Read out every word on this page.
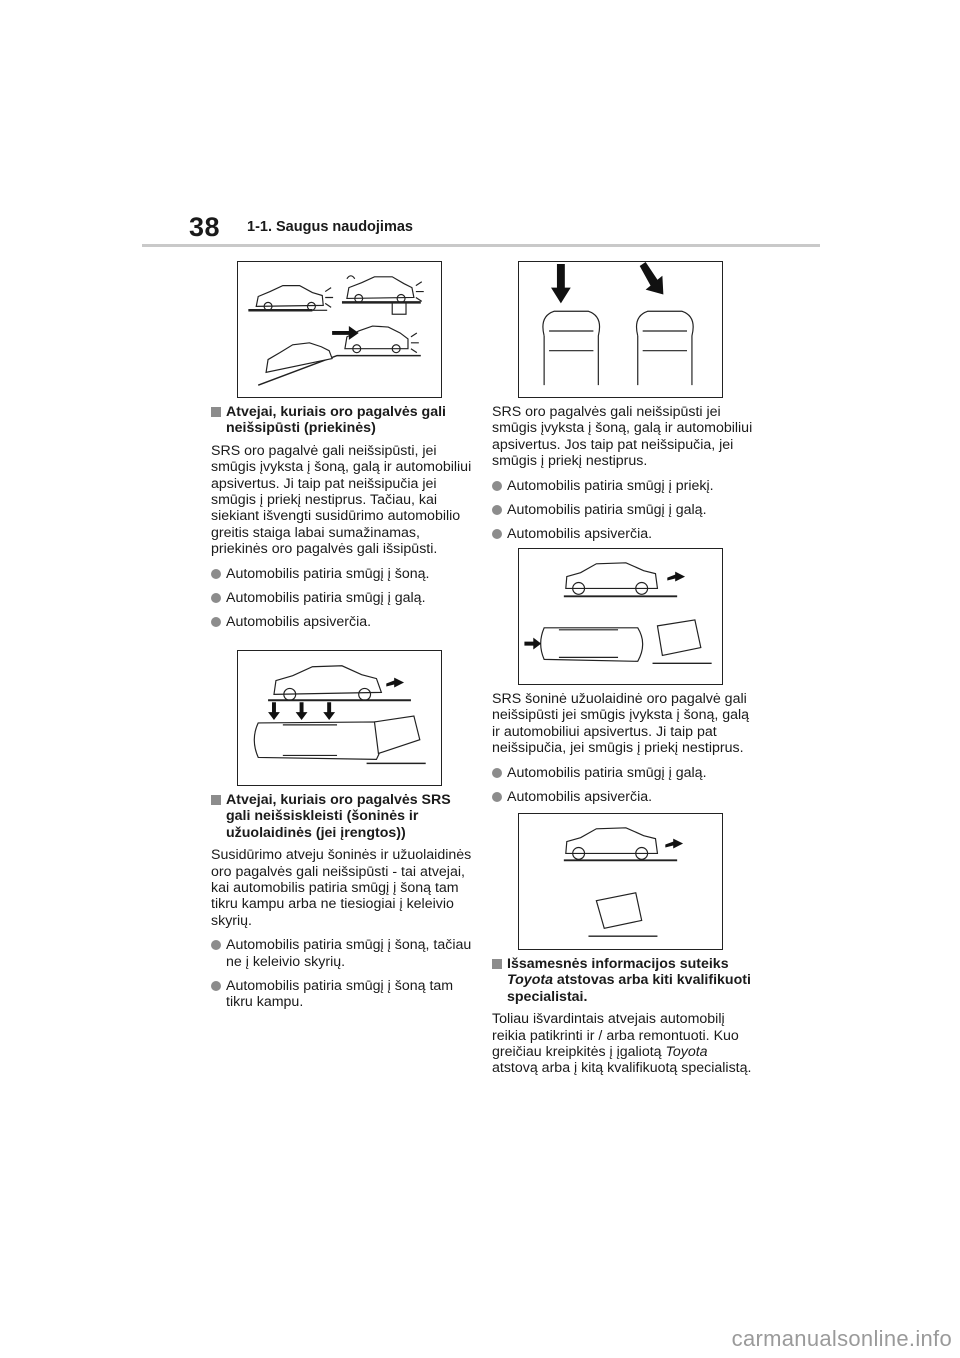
38 1-1. Saugus naudojimas
Atvejai, kuriais oro pagalvės gali neišsipūsti (priekinės)

SRS oro pagalvė gali neišsipūsti, jei smūgis įvyksta į šoną, galą ir automobiliui apsivertus. Ji taip pat neišsipučia jei smūgis į priekį nestiprus. Tačiau, kai siekiant išvengti susidūrimo automobilio greitis staiga labai sumažinamas, priekinės oro pagalvės gali išsipūsti.

Automobilis patiria smūgį į šoną.
Automobilis patiria smūgį į galą.
Automobilis apsiverčia.
Atvejai, kuriais oro pagalvės SRS gali neišsiskleisti (šoninės ir užuolaidinės (jei įrengtos))

Susidūrimo atveju šoninės ir užuolaidinės oro pagalvės gali neišsipūsti - tai atvejai, kai automobilis patiria smūgį į šoną tam tikru kampu arba ne tiesiogiai į keleivio skyrių.

Automobilis patiria smūgį į šoną, tačiau ne į keleivio skyrių.
Automobilis patiria smūgį į šoną tam tikru kampu.

SRS oro pagalvės gali neišsipūsti jei smūgis įvyksta į šoną, galą ir automobiliui apsivertus. Jos taip pat neišsipučia, jei smūgis į priekį nestiprus.

Automobilis patiria smūgį į priekį.
Automobilis patiria smūgį į galą.
Automobilis apsiverčia.

SRS šoninė užuolaidinė oro pagalvė gali neišsipūsti jei smūgis įvyksta į šoną, galą ir automobiliui apsivertus. Ji taip pat neišsipučia, jei smūgis į priekį nestiprus.

Automobilis patiria smūgį į galą.
Automobilis apsiverčia.
Išsamesnės informacijos suteiks Toyota atstovas arba kiti kvalifikuoti specialistai.

Toliau išvardintais atvejais automobilį reikia patikrinti ir / arba remontuoti. Kuo greičiau kreipkitės į įgaliotą Toyota atstovą arba į kitą kvalifikuotą specialistą.

carmanualsonline.info
